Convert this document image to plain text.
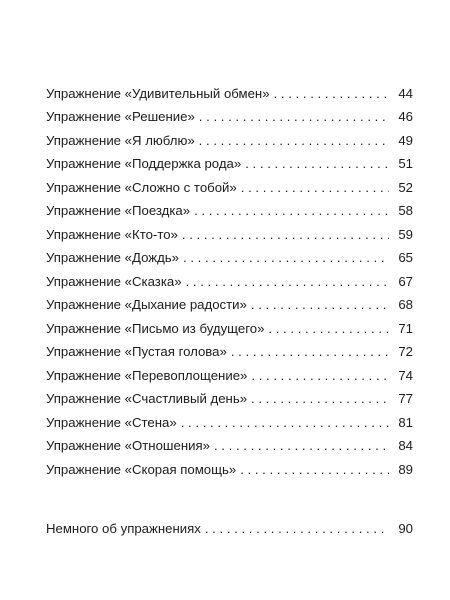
Упражнение «Удивительный обмен» . . .	44
Упражнение «Решение» . . .	46
Упражнение «Я люблю» . . .	49
Упражнение «Поддержка рода» . . .	51
Упражнение «Сложно с тобой» . . .	52
Упражнение «Поездка» . . .	58
Упражнение «Кто-то» . . .	59
Упражнение «Дождь» . . .	65
Упражнение «Сказка» . . .	67
Упражнение «Дыхание радости» . . .	68
Упражнение «Письмо из будущего» . . .	71
Упражнение «Пустая голова» . . .	72
Упражнение «Перевоплощение» . . .	74
Упражнение «Счастливый день» . . .	77
Упражнение «Стена» . . .	81
Упражнение «Отношения» . . .	84
Упражнение «Скорая помощь» . . .	89
Немного об упражнениях . . .	90
